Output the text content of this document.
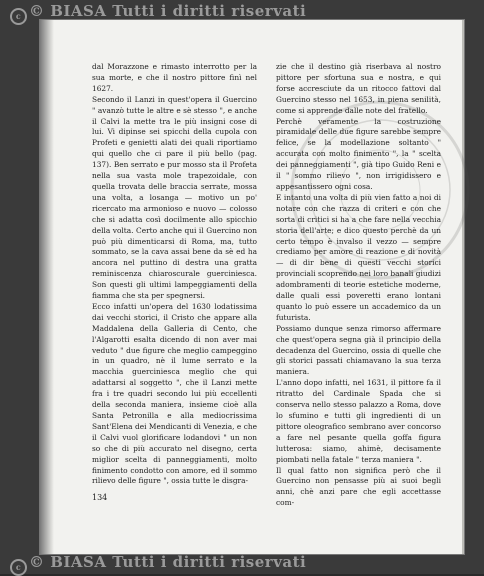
c © BIASA Tutti i diritti riservati

dal Morazzone e rimasto interrotto per la sua morte, e che il nostro pittore finì nel 1627.

Secondo il Lanzi in quest'opera il Guercino " avanzò tutte le altre e sè stesso ", e anche il Calvi la mette tra le più insigni cose di lui. Vi dipinse sei spicchi della cupola con Profeti e genietti alati dei quali riportiamo qui quello che ci pare il più bello (pag. 137). Ben serrato e pur mosso sta il Profeta nella sua vasta mole trapezoidale, con quella trovata delle braccia serrate, mossa una volta, a losanga — motivo un po' ricercato ma armonioso e nuovo — colosso che si adatta così docilmente allo spicchio della volta. Certo anche qui il Guercino non può più dimenticarsi di Roma, ma, tutto sommato, se la cava assai bene da sè ed ha ancora nel puttino di destra una gratta reminiscenza chiaroscurale guerciniesca. Son questi gli ultimi lampeggiamenti della fiamma che sta per spegnersi.

Ecco infatti un'opera del 1630 lodatissima dai vecchi storici, il Cristo che appare alla Maddalena della Galleria di Cento, che l'Algarotti esalta dicendo di non aver mai veduto " due figure che meglio campeggino in un quadro, nè il lume serrato e la macchia guerciniesca meglio che qui adattarsi al soggetto ", che il Lanzi mette fra i tre quadri secondo lui più eccellenti della seconda maniera, insieme cioè alla Santa Petronilla e alla mediocrissima Sant'Elena dei Mendicanti di Venezia, e che il Calvi vuol glorificare lodandovi " un non so che di più accurato nel disegno, certa miglior scelta di panneggiamenti, molto finimento condotto con amore, ed il sommo rilievo delle figure ", ossia tutte le disgra-

zie che il destino già riserbava al nostro pittore per sfortuna sua e nostra, e qui forse accresciute da un ritocco fattovi dal Guercino stesso nel 1653, in piena senilità, come si apprende dalle note del fratello.

Perchè veramente la costruzione piramidale delle due figure sarebbe sempre felice, se la modellazione soltanto " accurata con molto finimento ", la " scelta dei panneggiamenti ", già tipo Guido Reni e il " sommo rilievo ", non irrigidissero e appesantissero ogni cosa.

E intanto una volta di più vien fatto a noi di notare con che razza di criteri e con che sorta di critici si ha a che fare nella vecchia storia dell'arte; e dico questo perchè da un certo tempo è invalso il vezzo — sempre crediamo per amore di reazione e di novità — di dir bene di questi vecchi storici provinciali scoprendo nei loro banali giudizi adombramenti di teorie estetiche moderne, dalle quali essi poveretti erano lontani quanto lo può essere un accademico da un futurista.

Possiamo dunque senza rimorso affermare che quest'opera segna già il principio della decadenza del Guercino, ossia di quelle che gli storici passati chiamavano la sua terza maniera.

L'anno dopo infatti, nel 1631, il pittore fa il ritratto del Cardinale Spada che si conserva nello stesso palazzo a Roma, dove lo sfumino e tutti gli ingredienti di un pittore oleografico sembrano aver concorso a fare nel pesante quella goffa figura lutterosa: siamo, ahimè, decisamente piombati nella fatale " terza maniera ".

Il qual fatto non significa però che il Guercino non pensasse più ai suoi begli anni, chè anzi pare che egli accettasse com-

134
c © BIASA Tutti i diritti riservati
